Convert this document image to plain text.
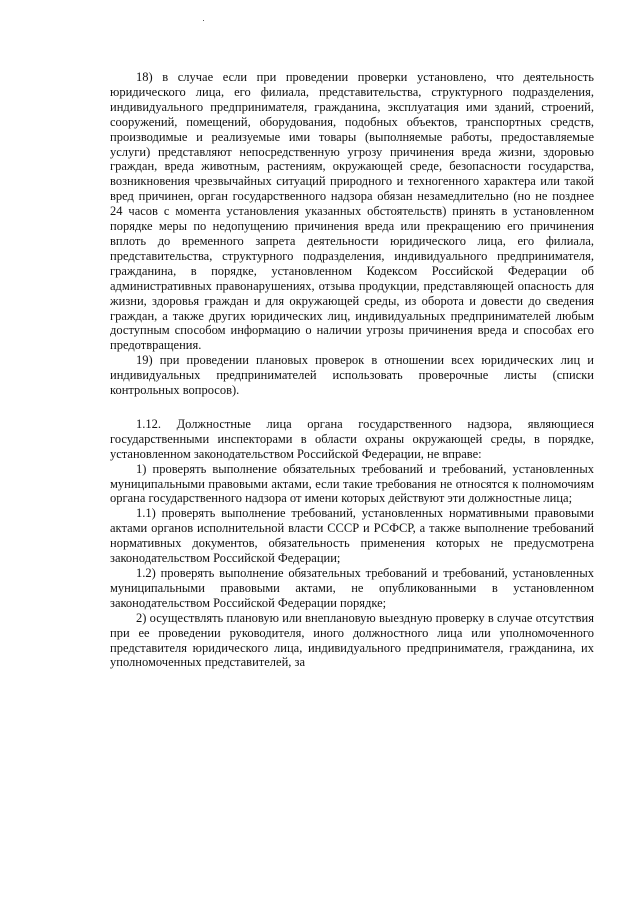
18) в случае если при проведении проверки установлено, что деятельность юридического лица, его филиала, представительства, структурного подразделения, индивидуального предпринимателя, гражданина, эксплуатация ими зданий, строений, сооружений, помещений, оборудования, подобных объектов, транспортных средств, производимые и реализуемые ими товары (выполняемые работы, предоставляемые услуги) представляют непосредственную угрозу причинения вреда жизни, здоровью граждан, вреда животным, растениям, окружающей среде, безопасности государства, возникновения чрезвычайных ситуаций природного и техногенного характера или такой вред причинен, орган государственного надзора обязан незамедлительно (но не позднее 24 часов с момента установления указанных обстоятельств) принять в установленном порядке меры по недопущению причинения вреда или прекращению его причинения вплоть до временного запрета деятельности юридического лица, его филиала, представительства, структурного подразделения, индивидуального предпринимателя, гражданина, в порядке, установленном Кодексом Российской Федерации об административных правонарушениях, отзыва продукции, представляющей опасность для жизни, здоровья граждан и для окружающей среды, из оборота и довести до сведения граждан, а также других юридических лиц, индивидуальных предпринимателей любым доступным способом информацию о наличии угрозы причинения вреда и способах его предотвращения.

19) при проведении плановых проверок в отношении всех юридических лиц и индивидуальных предпринимателей использовать проверочные листы (списки контрольных вопросов).

1.12. Должностные лица органа государственного надзора, являющиеся государственными инспекторами в области охраны окружающей среды, в порядке, установленном законодательством Российской Федерации, не вправе:

1) проверять выполнение обязательных требований и требований, установленных муниципальными правовыми актами, если такие требования не относятся к полномочиям органа государственного надзора от имени которых действуют эти должностные лица;

1.1) проверять выполнение требований, установленных нормативными правовыми актами органов исполнительной власти СССР и РСФСР, а также выполнение требований нормативных документов, обязательность применения которых не предусмотрена законодательством Российской Федерации;

1.2) проверять выполнение обязательных требований и требований, установленных муниципальными правовыми актами, не опубликованными в установленном законодательством Российской Федерации порядке;

2) осуществлять плановую или внеплановую выездную проверку в случае отсутствия при ее проведении руководителя, иного должностного лица или уполномоченного представителя юридического лица, индивидуального предпринимателя, гражданина, их уполномоченных представителей, за
